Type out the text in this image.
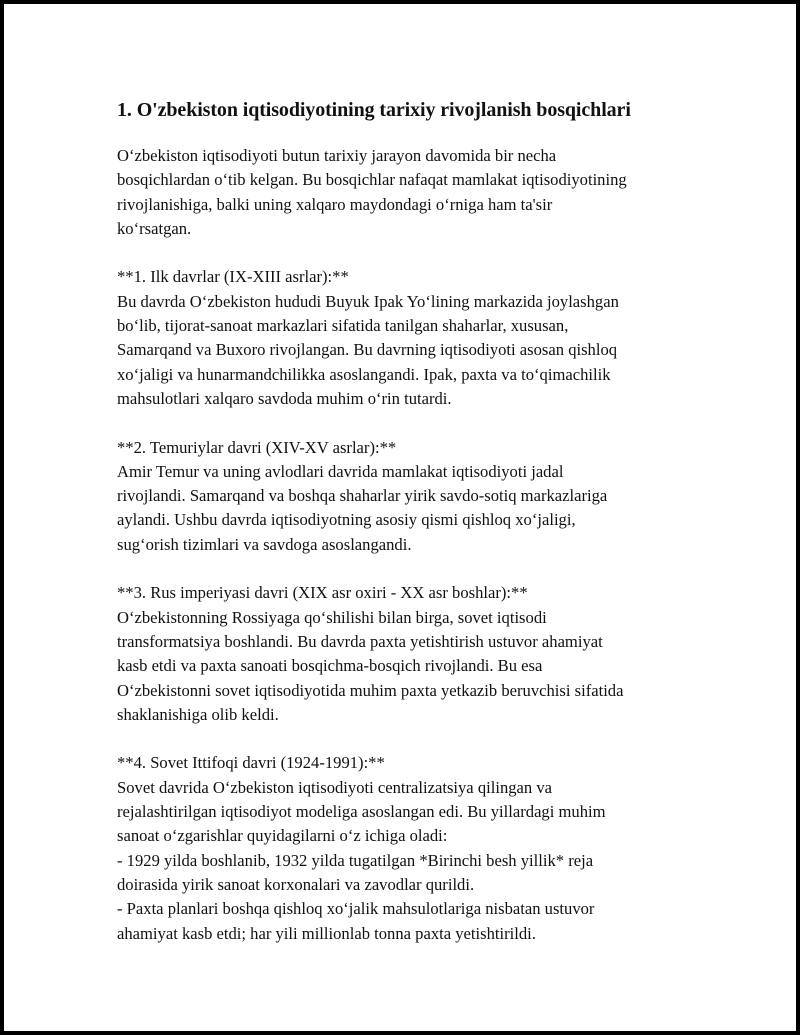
1. O'zbekiston iqtisodiyotining tarixiy rivojlanish bosqichlari

O‘zbekiston iqtisodiyoti butun tarixiy jarayon davomida bir necha
bosqichlardan o‘tib kelgan. Bu bosqichlar nafaqat mamlakat iqtisodiyotining
rivojlanishiga, balki uning xalqaro maydondagi o‘rniga ham ta'sir
ko‘rsatgan.

**1. Ilk davrlar (IX-XIII asrlar):**

Bu davrda O‘zbekiston hududi Buyuk Ipak Yo‘lining markazida joylashgan
bo‘lib, tijorat-sanoat markazlari sifatida tanilgan shaharlar, xususan,
Samarqand va Buxoro rivojlangan. Bu davrning iqtisodiyoti asosan qishloq
xo‘jaligi va hunarmandchilikka asoslangandi. Ipak, paxta va to‘qimachilik
mahsulotlari xalqaro savdoda muhim o‘rin tutardi.

**2. Temuriylar davri (XIV-XV asrlar):**

Amir Temur va uning avlodlari davrida mamlakat iqtisodiyoti jadal
rivojlandi. Samarqand va boshqa shaharlar yirik savdo-sotiq markazlariga
aylandi. Ushbu davrda iqtisodiyotning asosiy qismi qishloq xo‘jaligi,
sug‘orish tizimlari va savdoga asoslangandi.

**3. Rus imperiyasi davri (XIX asr oxiri - XX asr boshlar):**

O‘zbekistonning Rossiyaga qo‘shilishi bilan birga, sovet iqtisodi
transformatsiya boshlandi. Bu davrda paxta yetishtirish ustuvor ahamiyat
kasb etdi va paxta sanoati bosqichma-bosqich rivojlandi. Bu esa
O‘zbekistonni sovet iqtisodiyotida muhim paxta yetkazib beruvchisi sifatida
shaklanishiga olib keldi.

**4. Sovet Ittifoqi davri (1924-1991):**

Sovet davrida O‘zbekiston iqtisodiyoti centralizatsiya qilingan va
rejalashtirilgan iqtisodiyot modeliga asoslangan edi. Bu yillardagi muhim
sanoat o‘zgarishlar quyidagilarni o‘z ichiga oladi:
- 1929 yilda boshlanib, 1932 yilda tugatilgan *Birinchi besh yillik* reja
doirasida yirik sanoat korxonalari va zavodlar qurildi.
- Paxta planlari boshqa qishloq xo‘jalik mahsulotlariga nisbatan ustuvor
ahamiyat kasb etdi; har yili millionlab tonna paxta yetishtirildi.
